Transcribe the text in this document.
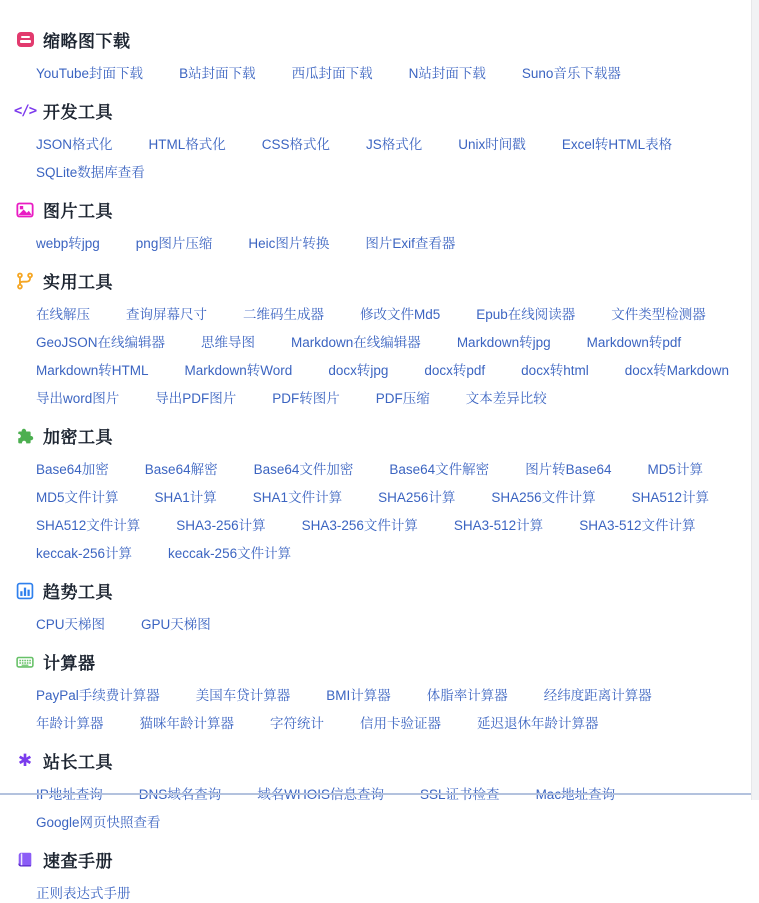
缩略图下载
YouTube封面下载	B站封面下载	西瓜封面下载	N站封面下载	Suno音乐下载器
</> 开发工具
JSON格式化	HTML格式化	CSS格式化	JS格式化	Unix时间戳	Excel转HTML表格
SQLite数据库查看
图片工具
webp转jpg	png图片压缩	Heic图片转换	图片Exif查看器
实用工具
在线解压	查询屏幕尺寸	二维码生成器	修改文件Md5	Epub在线阅读器	文件类型检测器
GeoJSON在线编辑器	思维导图	Markdown在线编辑器	Markdown转jpg	Markdown转pdf
Markdown转HTML	Markdown转Word	docx转jpg	docx转pdf	docx转html	docx转Markdown
导出word图片	导出PDF图片	PDF转图片	PDF压缩	文本差异比较
加密工具
Base64加密	Base64解密	Base64文件加密	Base64文件解密	图片转Base64	MD5计算
MD5文件计算	SHA1计算	SHA1文件计算	SHA256计算	SHA256文件计算	SHA512计算
SHA512文件计算	SHA3-256计算	SHA3-256文件计算	SHA3-512计算	SHA3-512文件计算
keccak-256计算	keccak-256文件计算
趋势工具
CPU天梯图	GPU天梯图
计算器
PayPal手续费计算器	美国车贷计算器	BMI计算器	体脂率计算器	经纬度距离计算器
年龄计算器	猫咪年龄计算器	字符统计	信用卡验证器	延迟退休年龄计算器
✱ 站长工具
Google网页快照查看
速查手册
正则表达式手册
